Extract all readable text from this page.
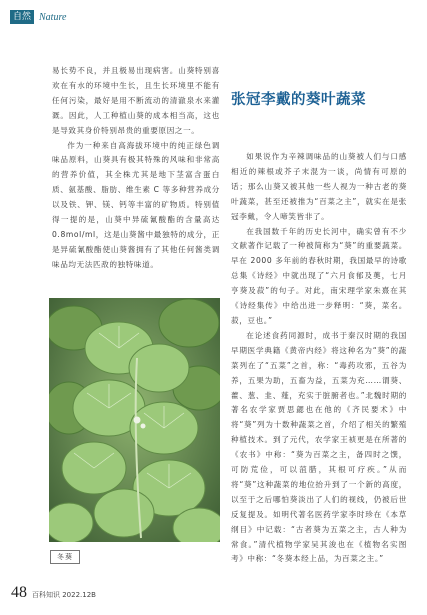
自然 Nature

易长势不良，并且极易出现病害。山葵特别喜欢在有水的环境中生长，且生长环境里不能有任何污染，最好是用不断流动的清澈泉水来灌溉。因此，人工种植山葵的成本相当高，这也是导致其身价特别昂贵的重要原因之一。

作为一种来自高海拔环境中的纯正绿色调味品原料，山葵具有极其特殊的风味和非常高的营养价值，其全株尤其是地下茎富含蛋白质、氨基酸、脂肪、维生素 C 等多种营养成分以及铁、钾、镁、钙等丰富的矿物质。特别值得一提的是，山葵中异硫氰酸酯的含量高达 0.8mol/ml，这是山葵酱中最独特的成分，正是异硫氰酸酯使山葵酱拥有了其他任何酱类调味品均无法匹敌的独特味道。

张冠李戴的葵叶蔬菜

如果说作为辛辣调味品的山葵被人们与口感相近的辣根或芥子末混为一谈，尚情有可原的话；那么山葵又被其他一些人视为一种古老的葵叶蔬菜，甚至还被推为“百菜之主”，就实在是张冠李戴，令人啼笑皆非了。

在我国数千年的历史长河中，确实曾有不少文献著作记载了一种被简称为“葵”的重要蔬菜。早在 2000 多年前的春秋时期，我国最早的诗歌总集《诗经》中就出现了“六月食郁及薁，七月亨葵及菽”的句子。对此，南宋理学家朱熹在其《诗经集传》中给出进一步释明：“葵，菜名。菽，豆也。”

在论述食药同源时，成书于秦汉时期的我国早期医学典籍《黄帝内经》将这种名为“葵”的蔬菜列在了“五菜”之首，称：“毒药攻邪，五谷为养，五果为助，五畜为益，五菜为充……谓葵、藿、葱、韭、薤，充实于脏腑者也。”北魏时期的著名农学家贾思勰也在他的《齐民要术》中将“葵”列为十数种蔬菜之首，介绍了相关的繁殖种植技术。到了元代，农学家王祯更是在所著的《农书》中称：“葵为百菜之主，备四时之馔，可防荒俭，可以菹腊，其根可疗疾。”从而将“葵”这种蔬菜的地位抬升到了一个新的高度，以至于之后哪怕葵淡出了人们的视线，仍被后世反复提及。如明代著名医药学家李时珍在《本草纲目》中记载：“古者葵为五菜之主，古人种为常食。”清代植物学家吴其浚也在《植物名实图考》中称：“冬葵本经上品，为百菜之主。”

冬葵
48 百科知识 2022.12B
